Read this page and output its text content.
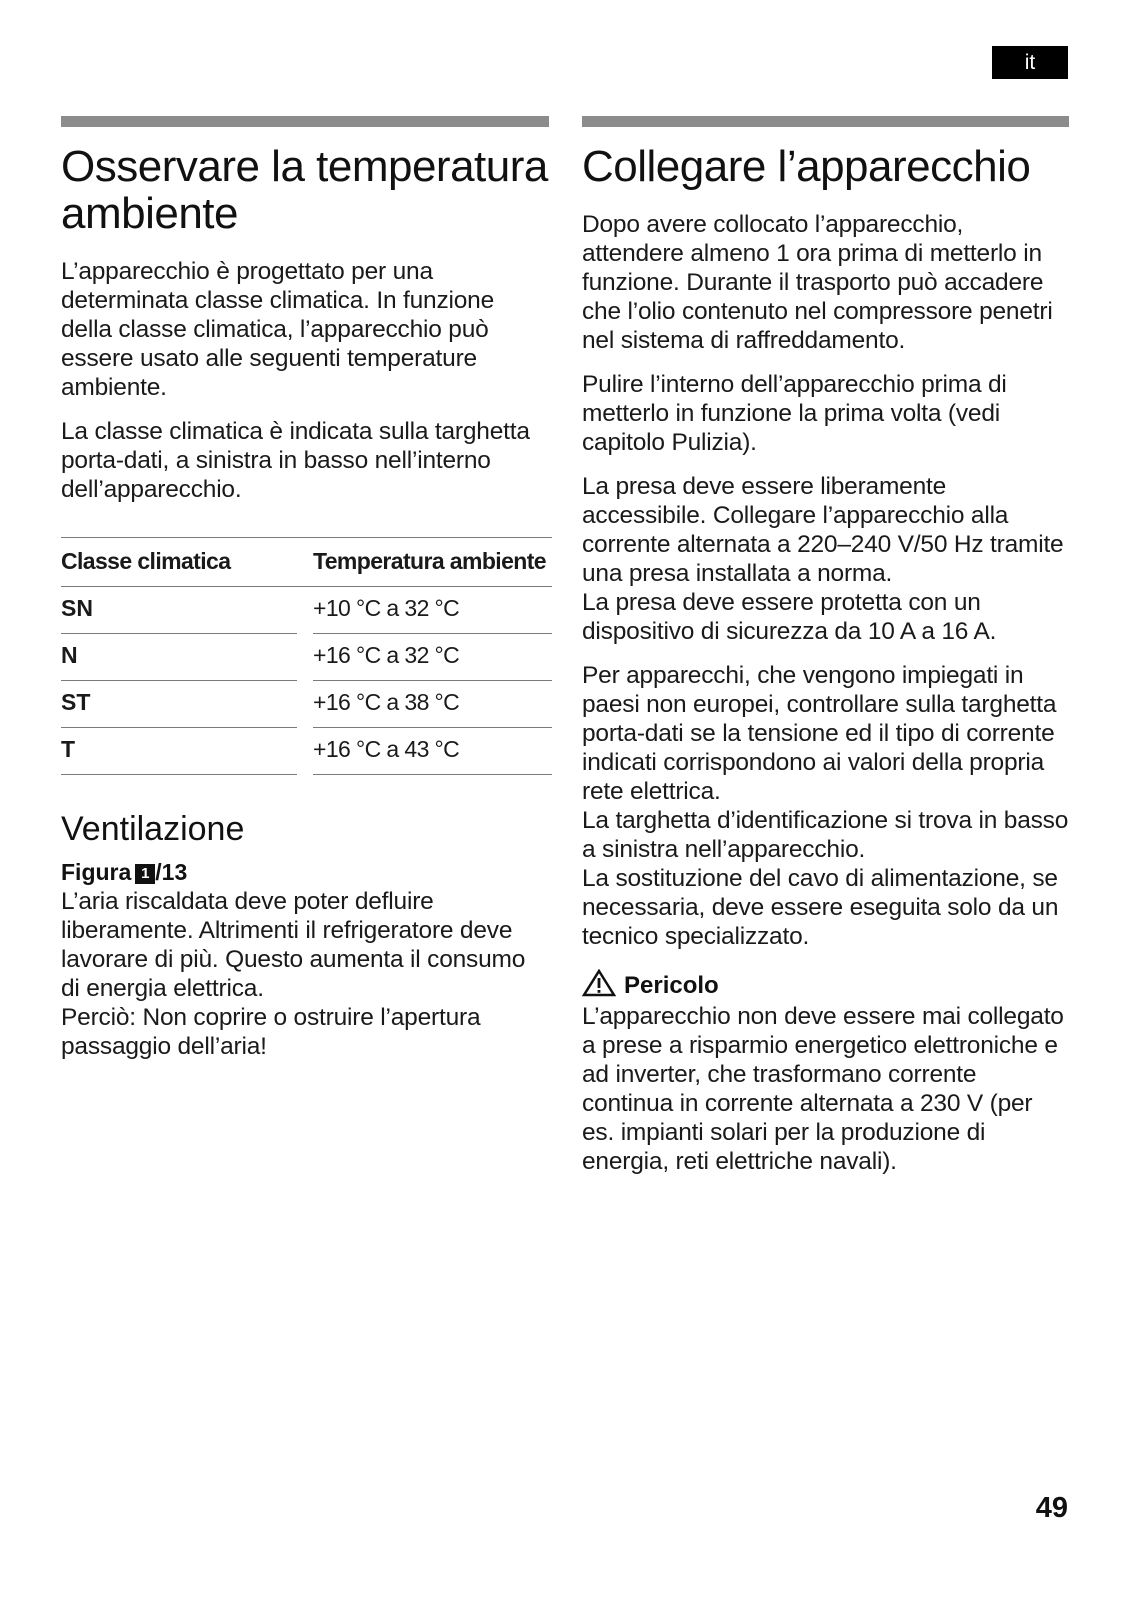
it
Osservare la temperatura ambiente

L’apparecchio è progettato per una determinata classe climatica. In funzione della classe climatica, l’apparecchio può essere usato alle seguenti temperature ambiente.

La classe climatica è indicata sulla targhetta porta-dati, a sinistra in basso nell’interno dell’apparecchio.

Classe climatica		Temperatura ambiente
SN		+10 °C a 32 °C
N		+16 °C a 32 °C
ST		+16 °C a 38 °C
T		+16 °C a 43 °C
Ventilazione
Figura 1 /13

L’aria riscaldata deve poter defluire liberamente. Altrimenti il refrigeratore deve lavorare di più. Questo aumenta il consumo di energia elettrica.

Perciò: Non coprire o ostruire l’apertura passaggio dell’aria!

Collegare l’apparecchio

Dopo avere collocato l’apparecchio, attendere almeno 1 ora prima di metterlo in funzione. Durante il trasporto può accadere che l’olio contenuto nel compressore penetri nel sistema di raffreddamento.

Pulire l’interno dell’apparecchio prima di metterlo in funzione la prima volta (vedi capitolo Pulizia).

La presa deve essere liberamente accessibile. Collegare l’apparecchio alla corrente alternata a 220–240 V/50 Hz tramite una presa installata a norma.

La presa deve essere protetta con un dispositivo di sicurezza da 10 A a 16 A.

Per apparecchi, che vengono impiegati in paesi non europei, controllare sulla targhetta porta-dati se la tensione ed il tipo di corrente indicati corrispondono ai valori della propria rete elettrica.

La targhetta d’identificazione si trova in basso a sinistra nell’apparecchio.

La sostituzione del cavo di alimentazione, se necessaria, deve essere eseguita solo da un tecnico specializzato.

Pericolo

L’apparecchio non deve essere mai collegato a prese a risparmio energetico elettroniche e ad inverter, che trasformano corrente continua in corrente alternata a 230 V (per es. impianti solari per la produzione di energia, reti elettriche navali).

49
